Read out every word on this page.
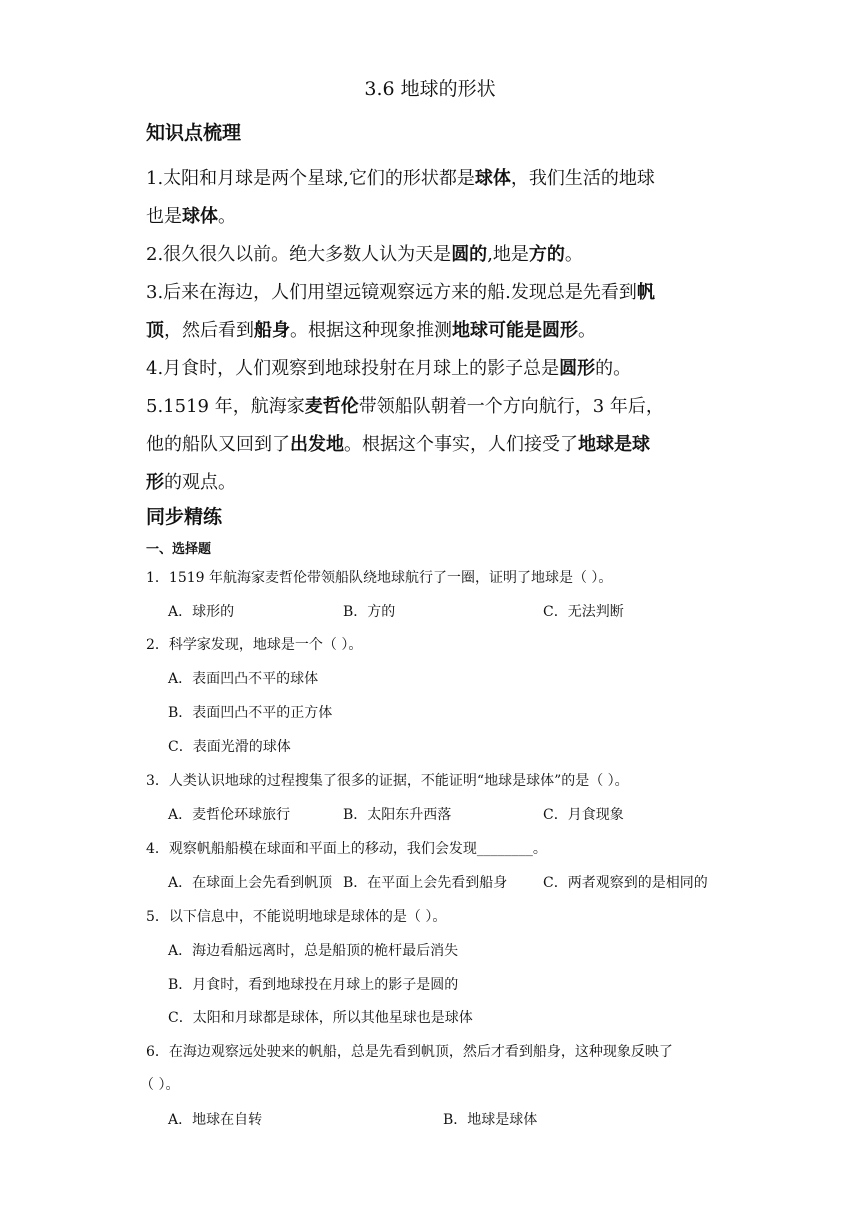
3.6 地球的形状
知识点梳理
1.太阳和月球是两个星球,它们的形状都是球体，我们生活的地球
也是球体。
2.很久很久以前。绝大多数人认为天是圆的,地是方的。
3.后来在海边，人们用望远镜观察远方来的船.发现总是先看到帆
顶，然后看到船身。根据这种现象推测地球可能是圆形。
4.月食时，人们观察到地球投射在月球上的影子总是圆形的。
5.1519 年，航海家麦哲伦带领船队朝着一个方向航行，3 年后，
他的船队又回到了出发地。根据这个事实，人们接受了地球是球
形的观点。
同步精练
一、选择题
1．1519 年航海家麦哲伦带领船队绕地球航行了一圈，证明了地球是（ ）。
A．球形的	B．方的	C．无法判断
2．科学家发现，地球是一个（ ）。
A．表面凹凸不平的球体
B．表面凹凸不平的正方体
C．表面光滑的球体
3．人类认识地球的过程搜集了很多的证据，不能证明“地球是球体”的是（ ）。
A．麦哲伦环球旅行	B．太阳东升西落	C．月食现象
4．观察帆船船模在球面和平面上的移动，我们会发现________。
A．在球面上会先看到帆顶 B．在平面上会先看到船身	C．两者观察到的是相同的
5．以下信息中，不能说明地球是球体的是（ ）。
A．海边看船远离时，总是船顶的桅杆最后消失
B．月食时，看到地球投在月球上的影子是圆的
C．太阳和月球都是球体，所以其他星球也是球体
6．在海边观察远处驶来的帆船，总是先看到帆顶，然后才看到船身，这种现象反映了
（ ）。
A．地球在自转	B．地球是球体
